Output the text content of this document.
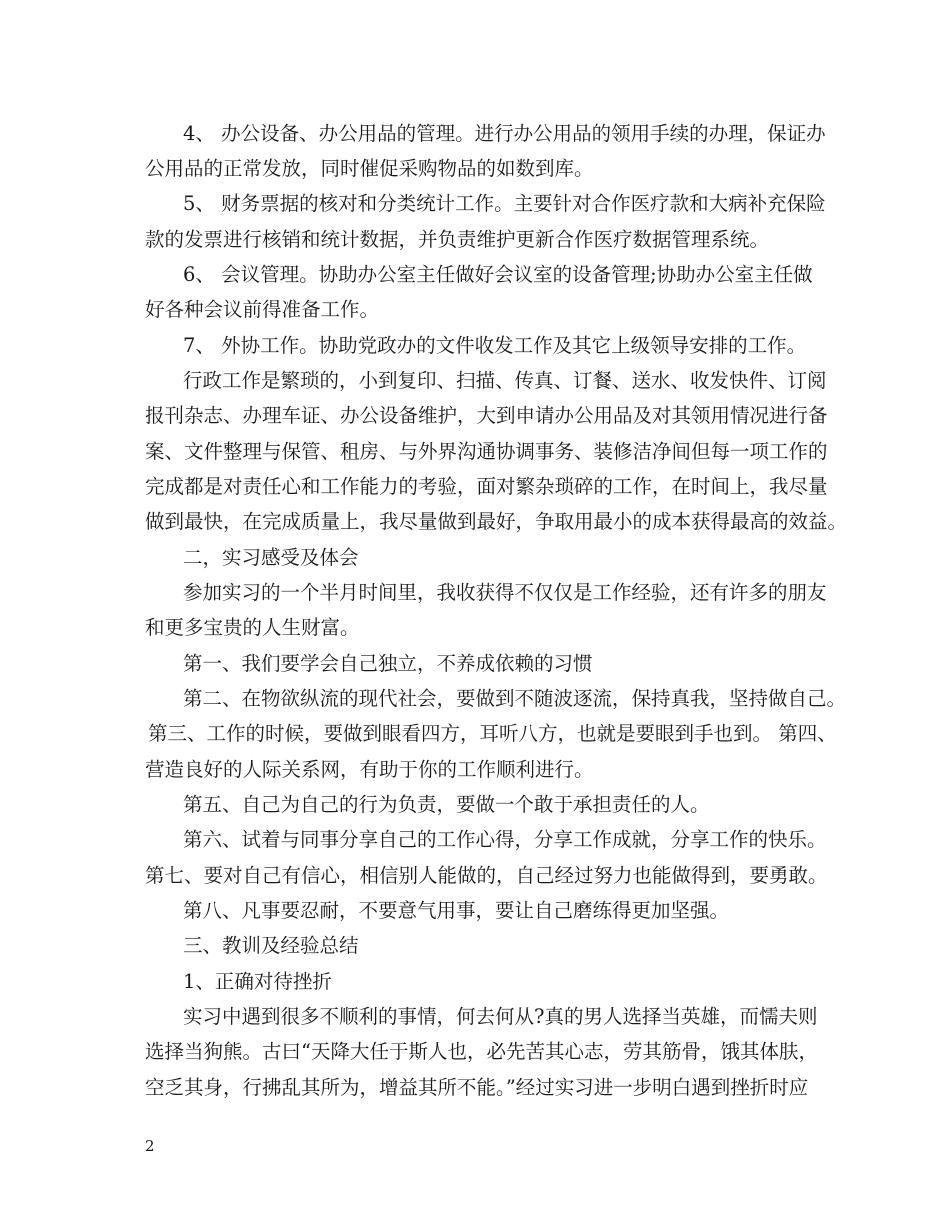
4、 办公设备、办公用品的管理。进行办公用品的领用手续的办理，保证办
公用品的正常发放，同时催促采购物品的如数到库。
5、 财务票据的核对和分类统计工作。主要针对合作医疗款和大病补充保险
款的发票进行核销和统计数据，并负责维护更新合作医疗数据管理系统。
6、 会议管理。协助办公室主任做好会议室的设备管理;协助办公室主任做
好各种会议前得准备工作。
7、 外协工作。协助党政办的文件收发工作及其它上级领导安排的工作。
行政工作是繁琐的，小到复印、扫描、传真、订餐、送水、收发快件、订阅
报刊杂志、办理车证、办公设备维护，大到申请办公用品及对其领用情况进行备
案、文件整理与保管、租房、与外界沟通协调事务、装修洁净间但每一项工作的
完成都是对责任心和工作能力的考验，面对繁杂琐碎的工作，在时间上，我尽量
做到最快，在完成质量上，我尽量做到最好，争取用最小的成本获得最高的效益。
二，实习感受及体会
参加实习的一个半月时间里，我收获得不仅仅是工作经验，还有许多的朋友
和更多宝贵的人生财富。
第一、我们要学会自己独立，不养成依赖的习惯
第二、在物欲纵流的现代社会，要做到不随波逐流，保持真我，坚持做自己。
第三、工作的时候，要做到眼看四方，耳听八方，也就是要眼到手也到。 第四、
营造良好的人际关系网，有助于你的工作顺利进行。
第五、自己为自己的行为负责，要做一个敢于承担责任的人。
第六、试着与同事分享自己的工作心得，分享工作成就，分享工作的快乐。
第七、要对自己有信心，相信别人能做的，自己经过努力也能做得到，要勇敢。
第八、凡事要忍耐，不要意气用事，要让自己磨练得更加坚强。
三、教训及经验总结
1、正确对待挫折
实习中遇到很多不顺利的事情，何去何从?真的男人选择当英雄，而懦夫则
选择当狗熊。古曰“天降大任于斯人也，必先苦其心志，劳其筋骨，饿其体肤，
空乏其身，行拂乱其所为，增益其所不能。”经过实习进一步明白遇到挫折时应
2
